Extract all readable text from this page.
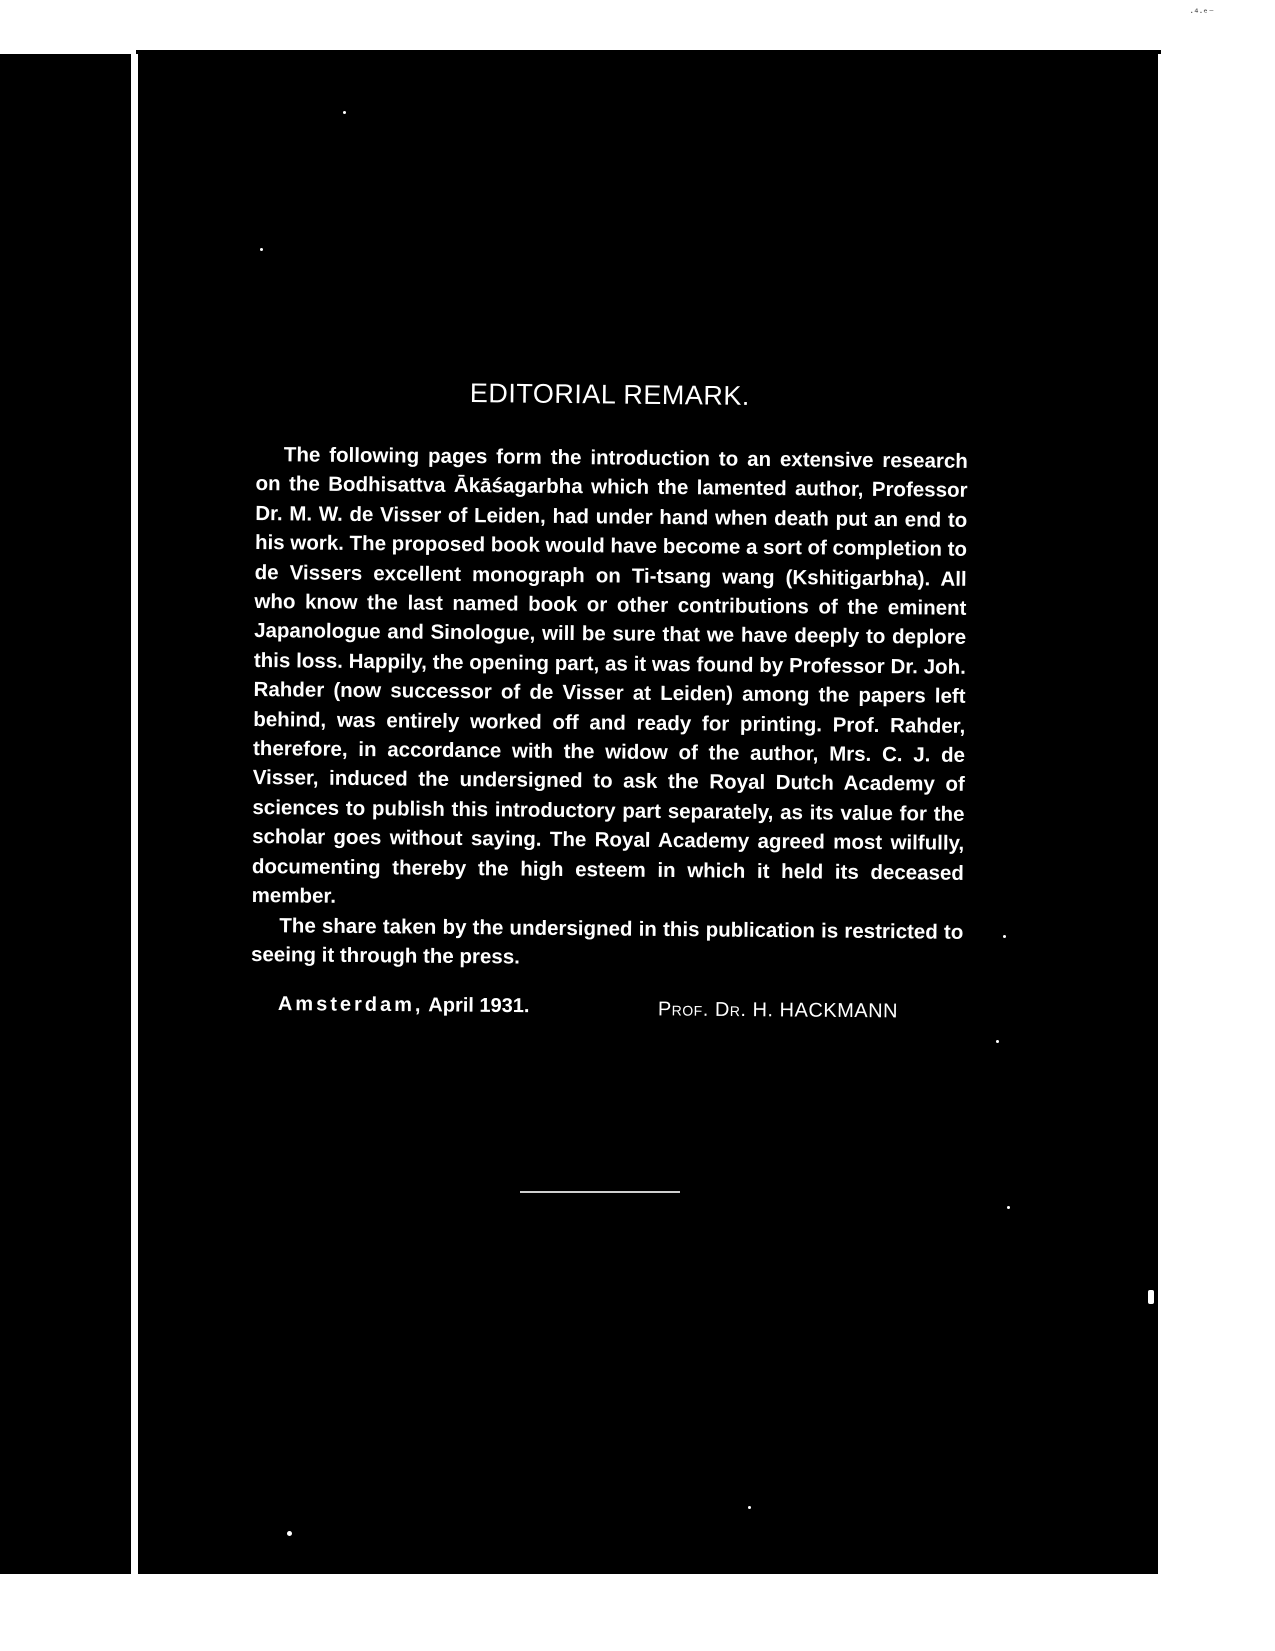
·⁴‧ᵉ⁻
EDITORIAL REMARK.

The following pages form the introduction to an extensive research on the Bodhisattva Ākāśagarbha which the lamented author, Professor Dr. M. W. de Visser of Leiden, had under hand when death put an end to his work. The proposed book would have become a sort of completion to de Vissers excellent monograph on Ti-tsang wang (Kshitigarbha). All who know the last named book or other contributions of the eminent Japanologue and Sinologue, will be sure that we have deeply to deplore this loss. Happily, the opening part, as it was found by Professor Dr. Joh. Rahder (now successor of de Visser at Leiden) among the papers left behind, was entirely worked off and ready for printing. Prof. Rahder, therefore, in accordance with the widow of the author, Mrs. C. J. de Visser, induced the undersigned to ask the Royal Dutch Academy of sciences to publish this introductory part separately, as its value for the scholar goes without saying. The Royal Academy agreed most wilfully, documenting thereby the high esteem in which it held its deceased member.

The share taken by the undersigned in this publication is restricted to seeing it through the press.

Amsterdam, April 1931.	Prof. Dr. H. HACKMANN
